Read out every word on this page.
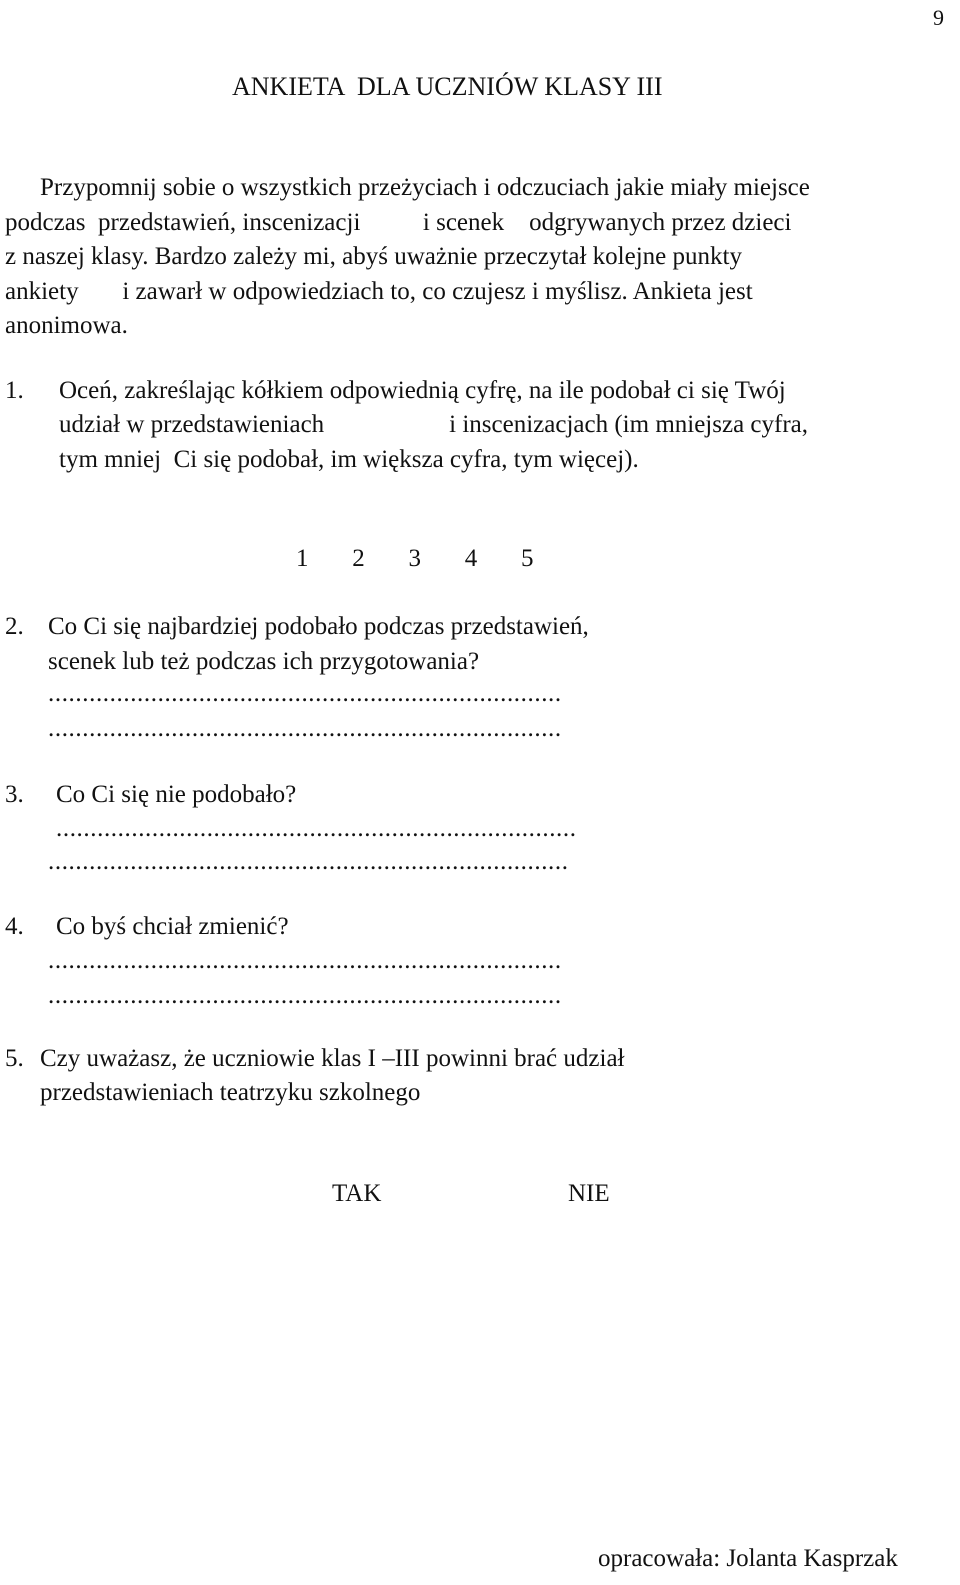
9
ANKIETA  DLA UCZNIÓW KLASY III
Przypomnij sobie o wszystkich przeżyciach i odczuciach jakie miały miejsce
podczas  przedstawień, inscenizacji          i scenek    odgrywanych przez dzieci
z naszej klasy. Bardzo zależy mi, abyś uważnie przeczytał kolejne punkty
ankiety       i zawarł w odpowiedziach to, co czujesz i myślisz. Ankieta jest
anonimowa.
1. Oceń, zakreślając kółkiem odpowiednią cyfrę, na ile podobał ci się Twój
udział w przedstawieniach                    i inscenizacjach (im mniejsza cyfra,
tym mniej  Ci się podobał, im większa cyfra, tym więcej).
1       2       3       4       5
2. Co Ci się najbardziej podobało podczas przedstawień,
scenek lub też podczas ich przygotowania?
...........................................................................
...........................................................................
3. Co Ci się nie podobało?
............................................................................
............................................................................
4. Co byś chciał zmienić?
...........................................................................
...........................................................................
5. Czy uważasz, że uczniowie klas I –III powinni brać udział
przedstawieniach teatrzyku szkolnego
TAK	NIE
opracowała: Jolanta Kasprzak
